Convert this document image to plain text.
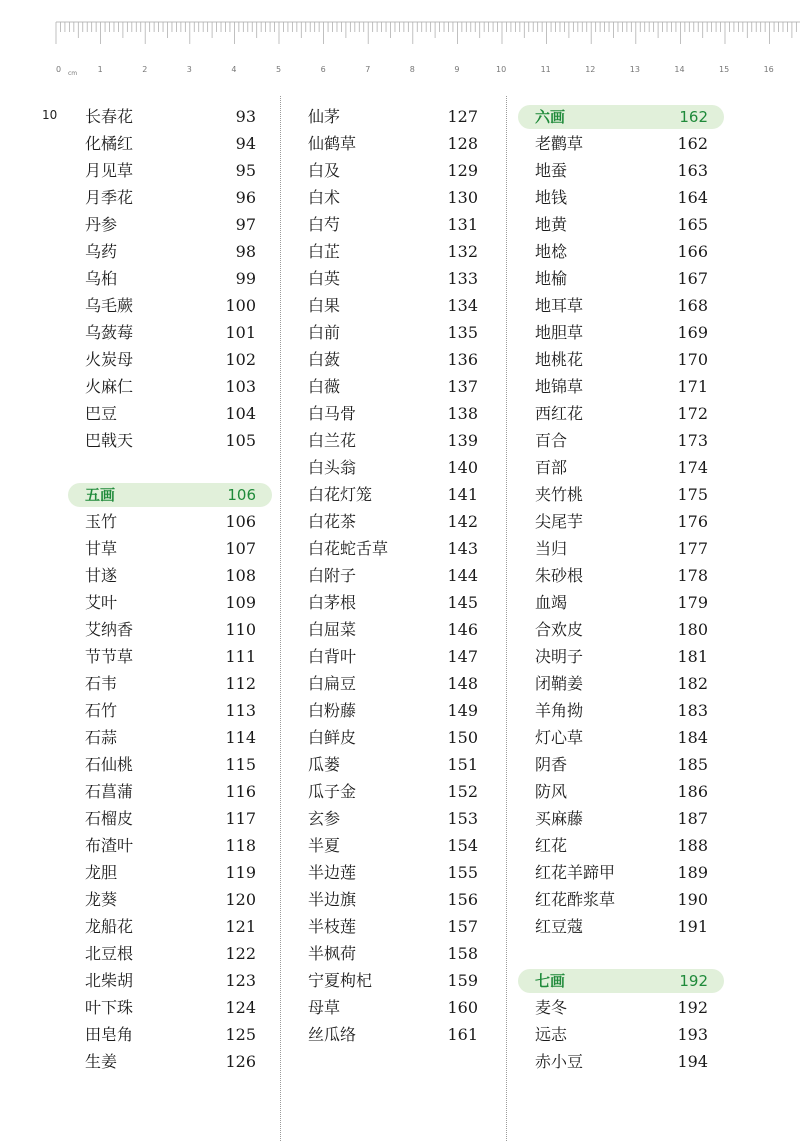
cm
0	1	2	3	4	5	6	7	8	9	10	11	12	13	14	15	16
10	长春花	93
化橘红	94
月见草	95
月季花	96
丹参	97
乌药	98
乌桕	99
乌毛蕨	100
乌蔹莓	101
火炭母	102
火麻仁	103
巴豆	104
巴戟天	105
五画	106
玉竹	106
甘草	107
甘遂	108
艾叶	109
艾纳香	110
节节草	111
石韦	112
石竹	113
石蒜	114
石仙桃	115
石菖蒲	116
石榴皮	117
布渣叶	118
龙胆	119
龙葵	120
龙船花	121
北豆根	122
北柴胡	123
叶下珠	124
田皂角	125
生姜	126
仙茅	127
仙鹤草	128
白及	129
白术	130
白芍	131
白芷	132
白英	133
白果	134
白前	135
白蔹	136
白薇	137
白马骨	138
白兰花	139
白头翁	140
白花灯笼	141
白花茶	142
白花蛇舌草	143
白附子	144
白茅根	145
白屈菜	146
白背叶	147
白扁豆	148
白粉藤	149
白鲜皮	150
瓜蒌	151
瓜子金	152
玄参	153
半夏	154
半边莲	155
半边旗	156
半枝莲	157
半枫荷	158
宁夏枸杞	159
母草	160
丝瓜络	161
六画	162
老鹳草	162
地蚕	163
地钱	164
地黄	165
地棯	166
地榆	167
地耳草	168
地胆草	169
地桃花	170
地锦草	171
西红花	172
百合	173
百部	174
夹竹桃	175
尖尾芋	176
当归	177
朱砂根	178
血竭	179
合欢皮	180
决明子	181
闭鞘姜	182
羊角拗	183
灯心草	184
阴香	185
防风	186
买麻藤	187
红花	188
红花羊蹄甲	189
红花酢浆草	190
红豆蔻	191
七画	192
麦冬	192
远志	193
赤小豆	194
